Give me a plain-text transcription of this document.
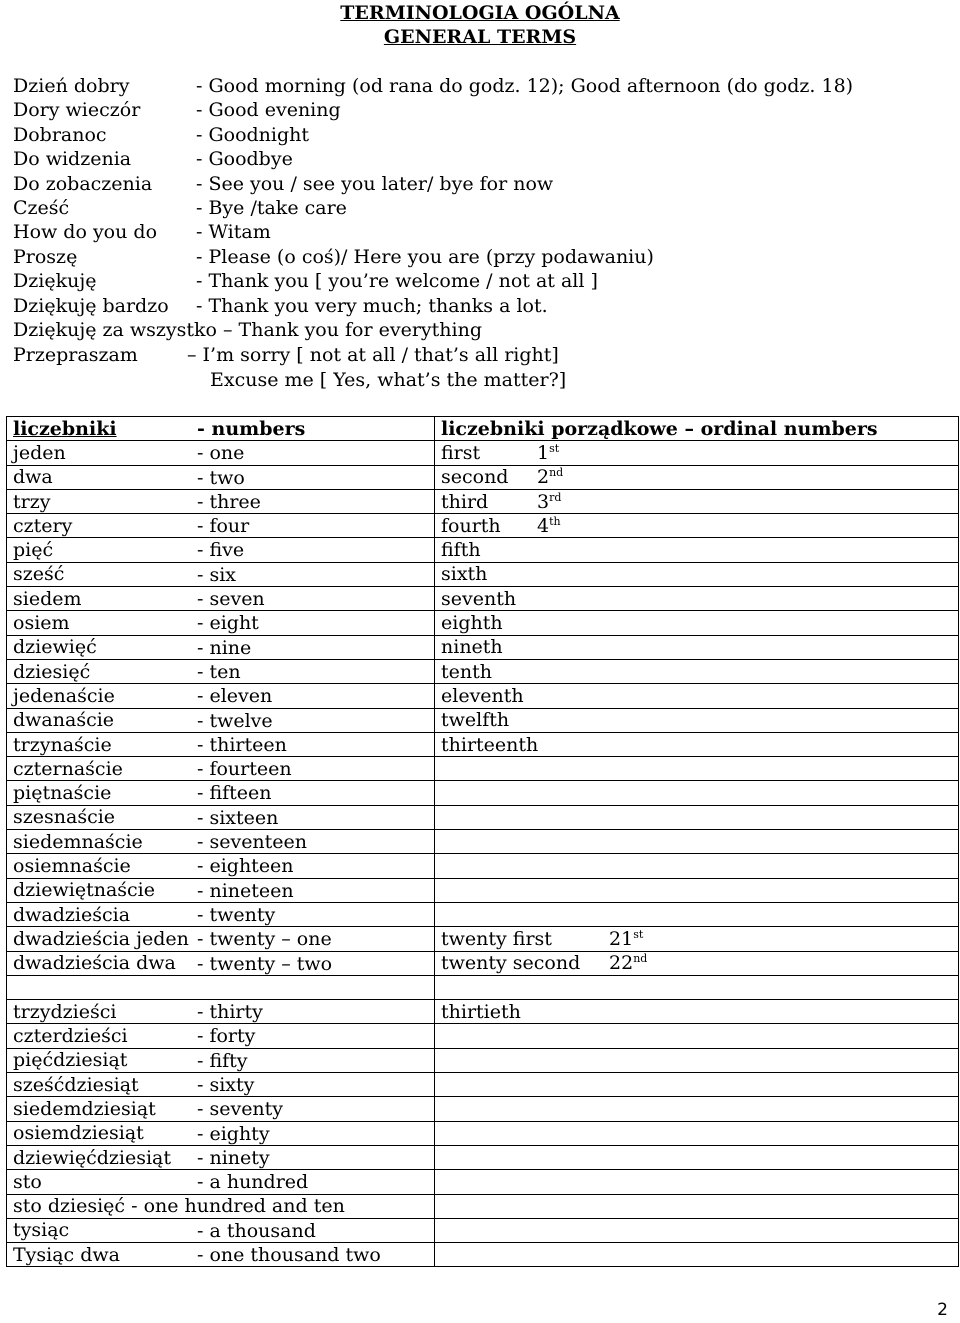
TERMINOLOGIA OGÓLNA
GENERAL TERMS
Dzień dobry	- Good morning (od rana do godz. 12); Good afternoon (do godz. 18)
Dory wieczór	- Good evening
Dobranoc	- Goodnight
Do widzenia	- Goodbye
Do zobaczenia - See you / see you later/ bye for now
Cześć	- Bye /take care
How do you do - Witam
Proszę	- Please (o coś)/ Here you are (przy podawaniu)
Dziękuję	- Thank you [ you’re welcome / not at all ]
Dziękuję bardzo - Thank you very much; thanks a lot.
Dziękuję za wszystko – Thank you for everything
Przepraszam	– I’m sorry [ not at all / that’s all right]
Excuse me [ Yes, what’s the matter?]
liczebniki - numbers	liczebniki porządkowe – ordinal numbers
jeden - one	first 1st
dwa - two	second 2nd
trzy - three	third 3rd
cztery - four	fourth 4th
pięć - five	fifth
sześć - six	sixth
siedem - seven	seventh
osiem - eight	eighth
dziewięć - nine	nineth
dziesięć - ten	tenth
jedenaście - eleven	eleventh
dwanaście - twelve	twelfth
trzynaście - thirteen	thirteenth
czternaście - fourteen	

piętnaście - fifteen	

szesnaście - sixteen	

siedemnaście - seventeen	

osiemnaście - eighteen	

dziewiętnaście - nineteen	

dwadzieścia - twenty	

dwadzieścia jeden - twenty – one	twenty first 21st
dwadzieścia dwa - twenty – two	twenty second 22nd

trzydzieści - thirty	thirtieth
czterdzieści - forty	

pięćdziesiąt - fifty	

sześćdziesiąt - sixty	

siedemdziesiąt - seventy	

osiemdziesiąt - eighty	

dziewięćdziesiąt - ninety	

sto - a hundred	

sto dziesięć - one hundred and ten

tysiąc - a thousand	

Tysiąc dwa - one thousand two	

2
